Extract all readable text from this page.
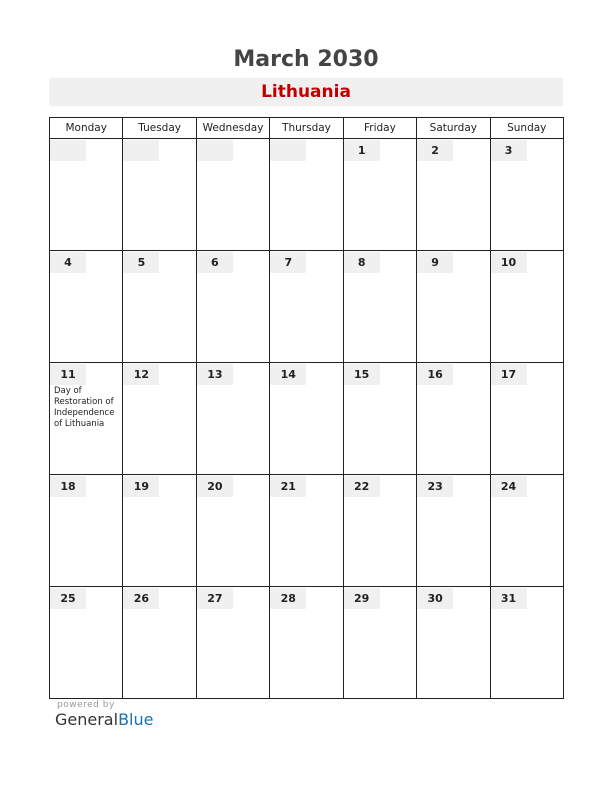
March 2030
Lithuania
Monday	Tuesday	Wednesday	Thursday	Friday	Saturday	Sunday

				1	2	3

4	5	6	7	8	9	10

11
Day of
Restoration of
Independence
of Lithuania	12	13	14	15	16	17

18	19	20	21	22	23	24

25	26	27	28	29	30	31
powered by
GeneralBlue
